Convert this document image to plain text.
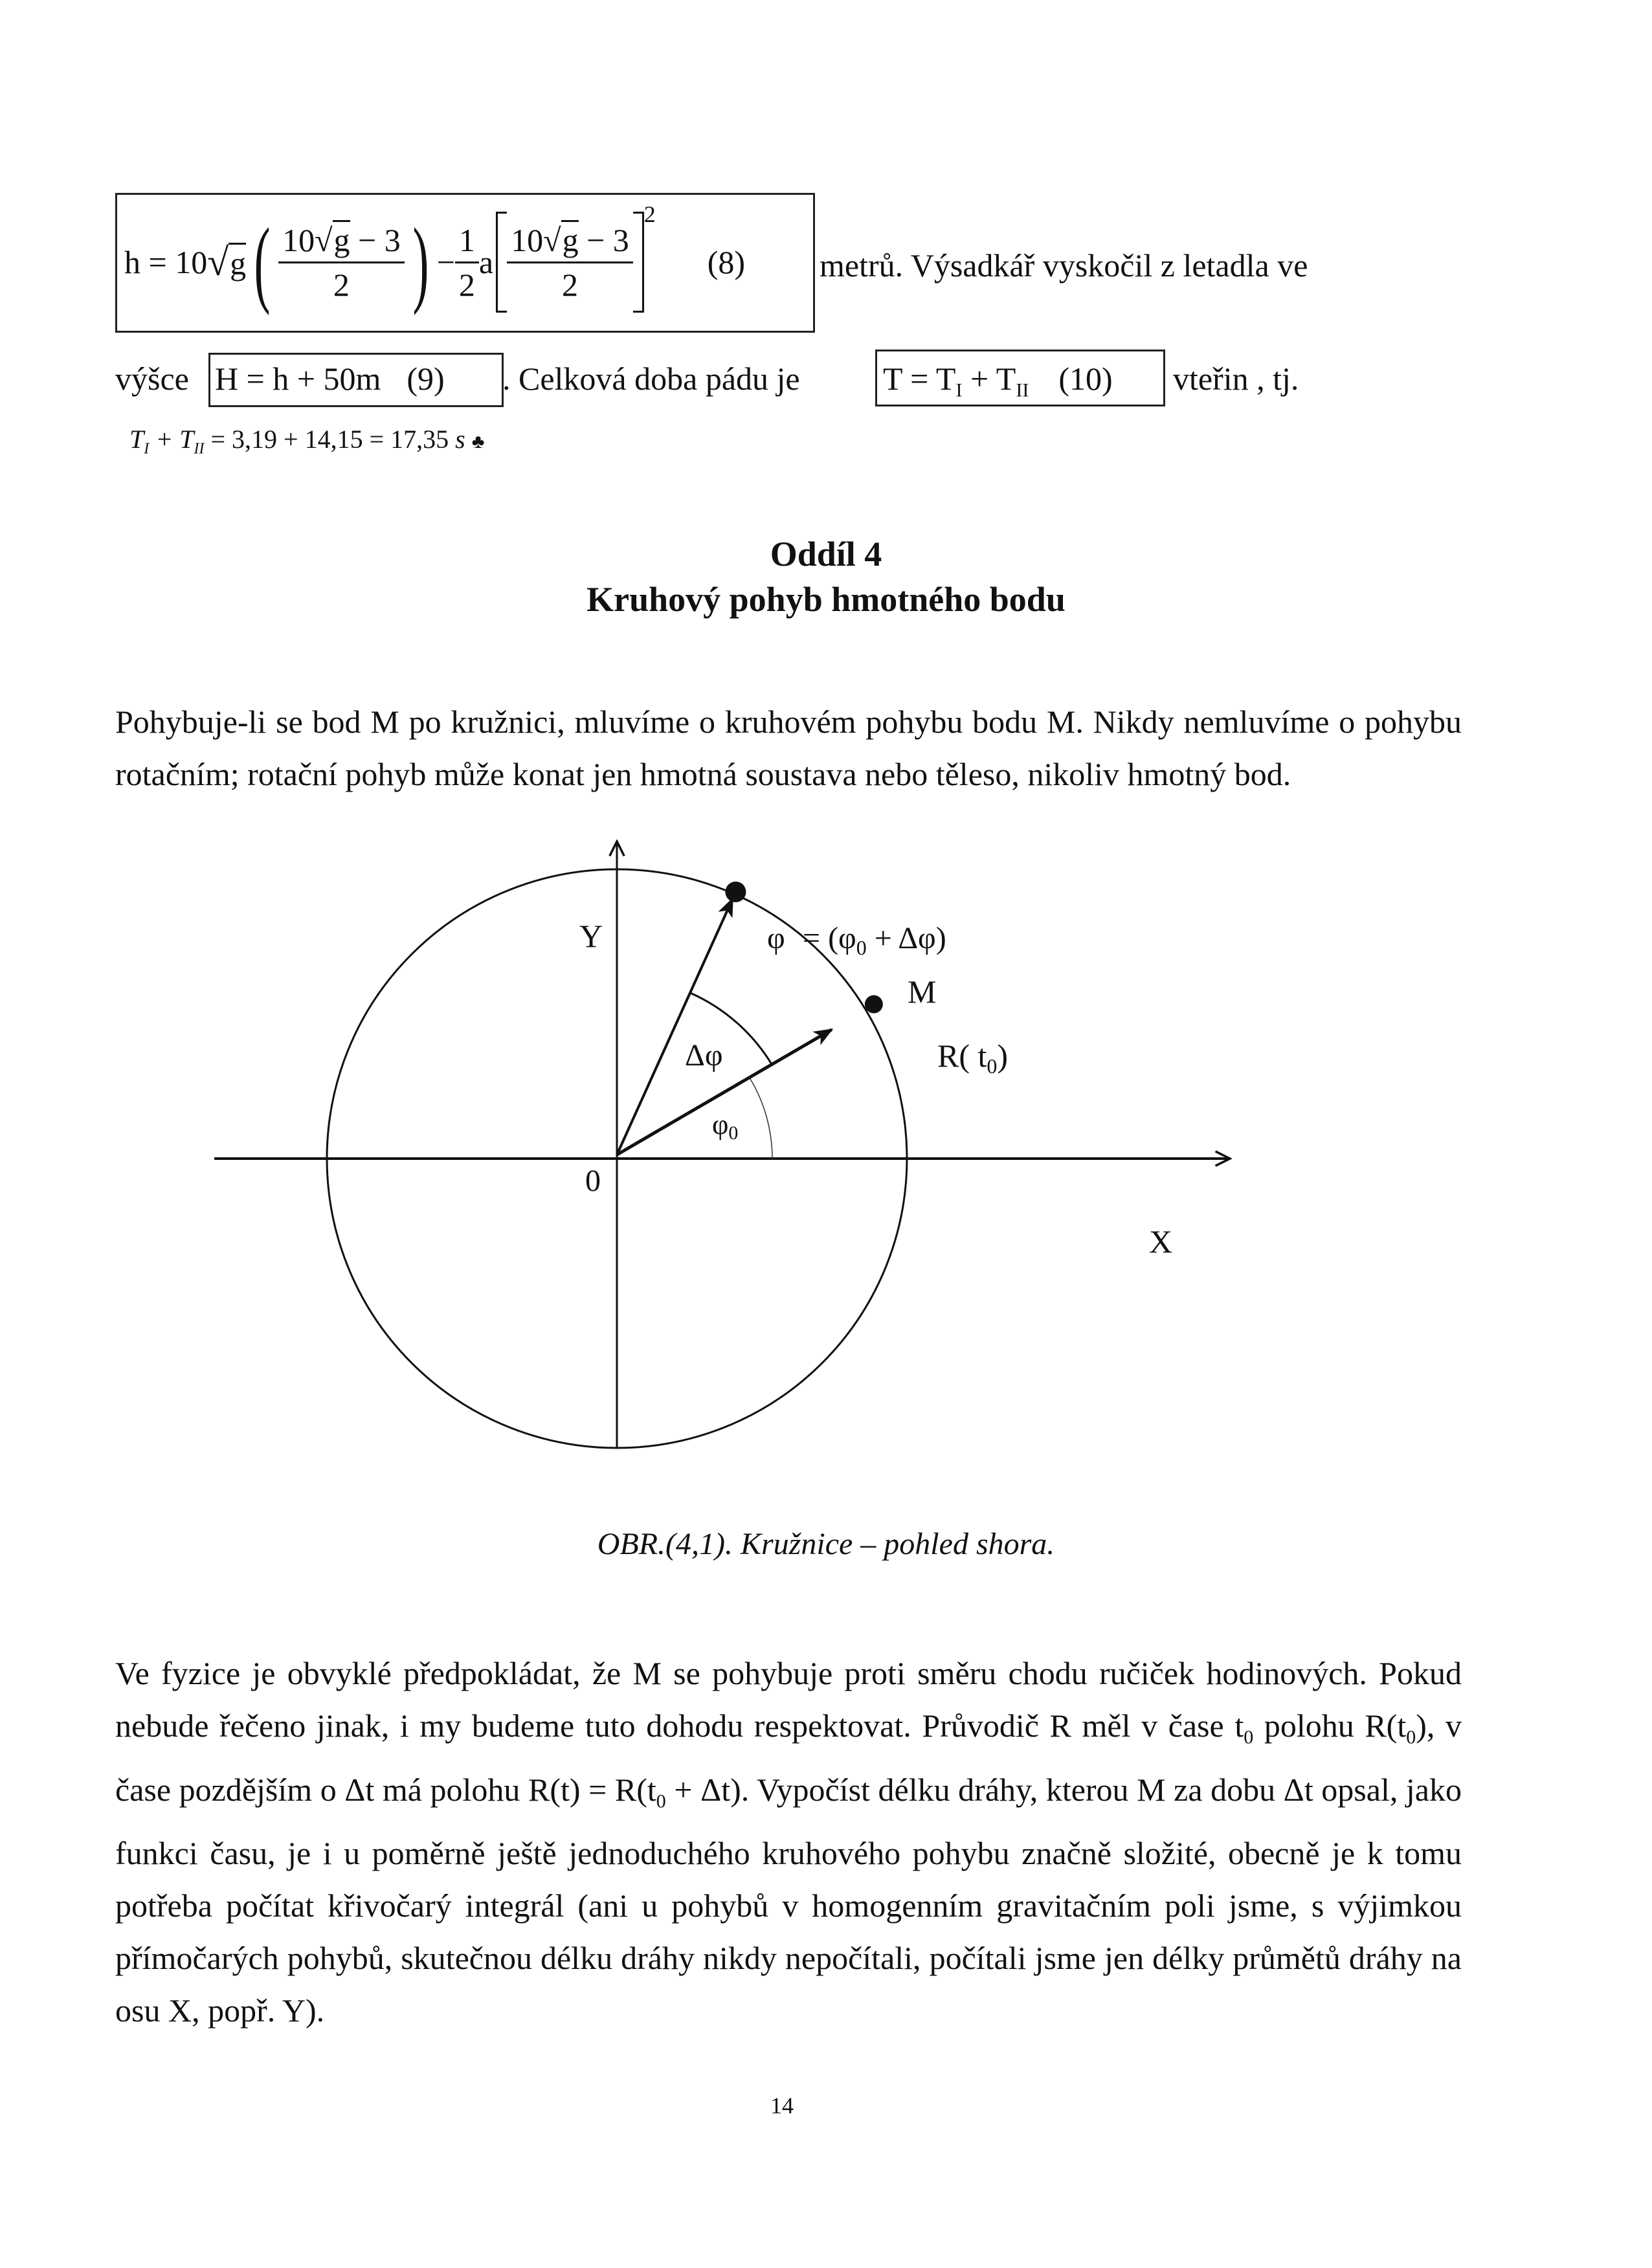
h = 10 √ g ( $\frac{10√g - 3}{2}$ ) − $\frac{1}{2}$ a $\frac{10√g - 3}{2}$
2
(8) metrů. Výsadkář vyskočil z letadla ve
výšce H = h + 50m (9) . Celková doba pádu je	$T = T_I + T_{II}$ (10) vteřin , tj.
$T_I + T_{II} = 3,19 + 14,15 = 17,35$ s ♣
Oddíl 4
Kruhový pohyb hmotného bodu
Pohybuje-li se bod M po kružnici, mluvíme o kruhovém pohybu bodu M. Nikdy nemluvíme o pohybu rotačním; rotační pohyb může konat jen hmotná soustava nebo těleso, nikoliv hmotný bod.
Y
X
0
$\varphi = (\varphi_0 + \Delta\varphi)$
M
R( $t_0$)
Δφ
φ0
OBR.(4,1). Kružnice – pohled shora.
Ve fyzice je obvyklé předpokládat, že M se pohybuje proti směru chodu ručiček hodinových. Pokud nebude řečeno jinak, i my budeme tuto dohodu respektovat. Průvodič R měl v čase $t_0$ polohu $R(t_0)$, v čase pozdějším o Δt má polohu $R(t) = R(t_0 + \Delta t)$. Vypočíst délku dráhy, kterou M za dobu Δt opsal, jako funkci času, je i u poměrně ještě jednoduchého kruhového pohybu značně složité, obecně je k tomu potřeba počítat křivočarý integrál (ani u pohybů v homogenním gravitačním poli jsme, s výjimkou přímočarých pohybů, skutečnou délku dráhy nikdy nepočítali, počítali jsme jen délky průmětů dráhy na osu X, popř. Y).
14
